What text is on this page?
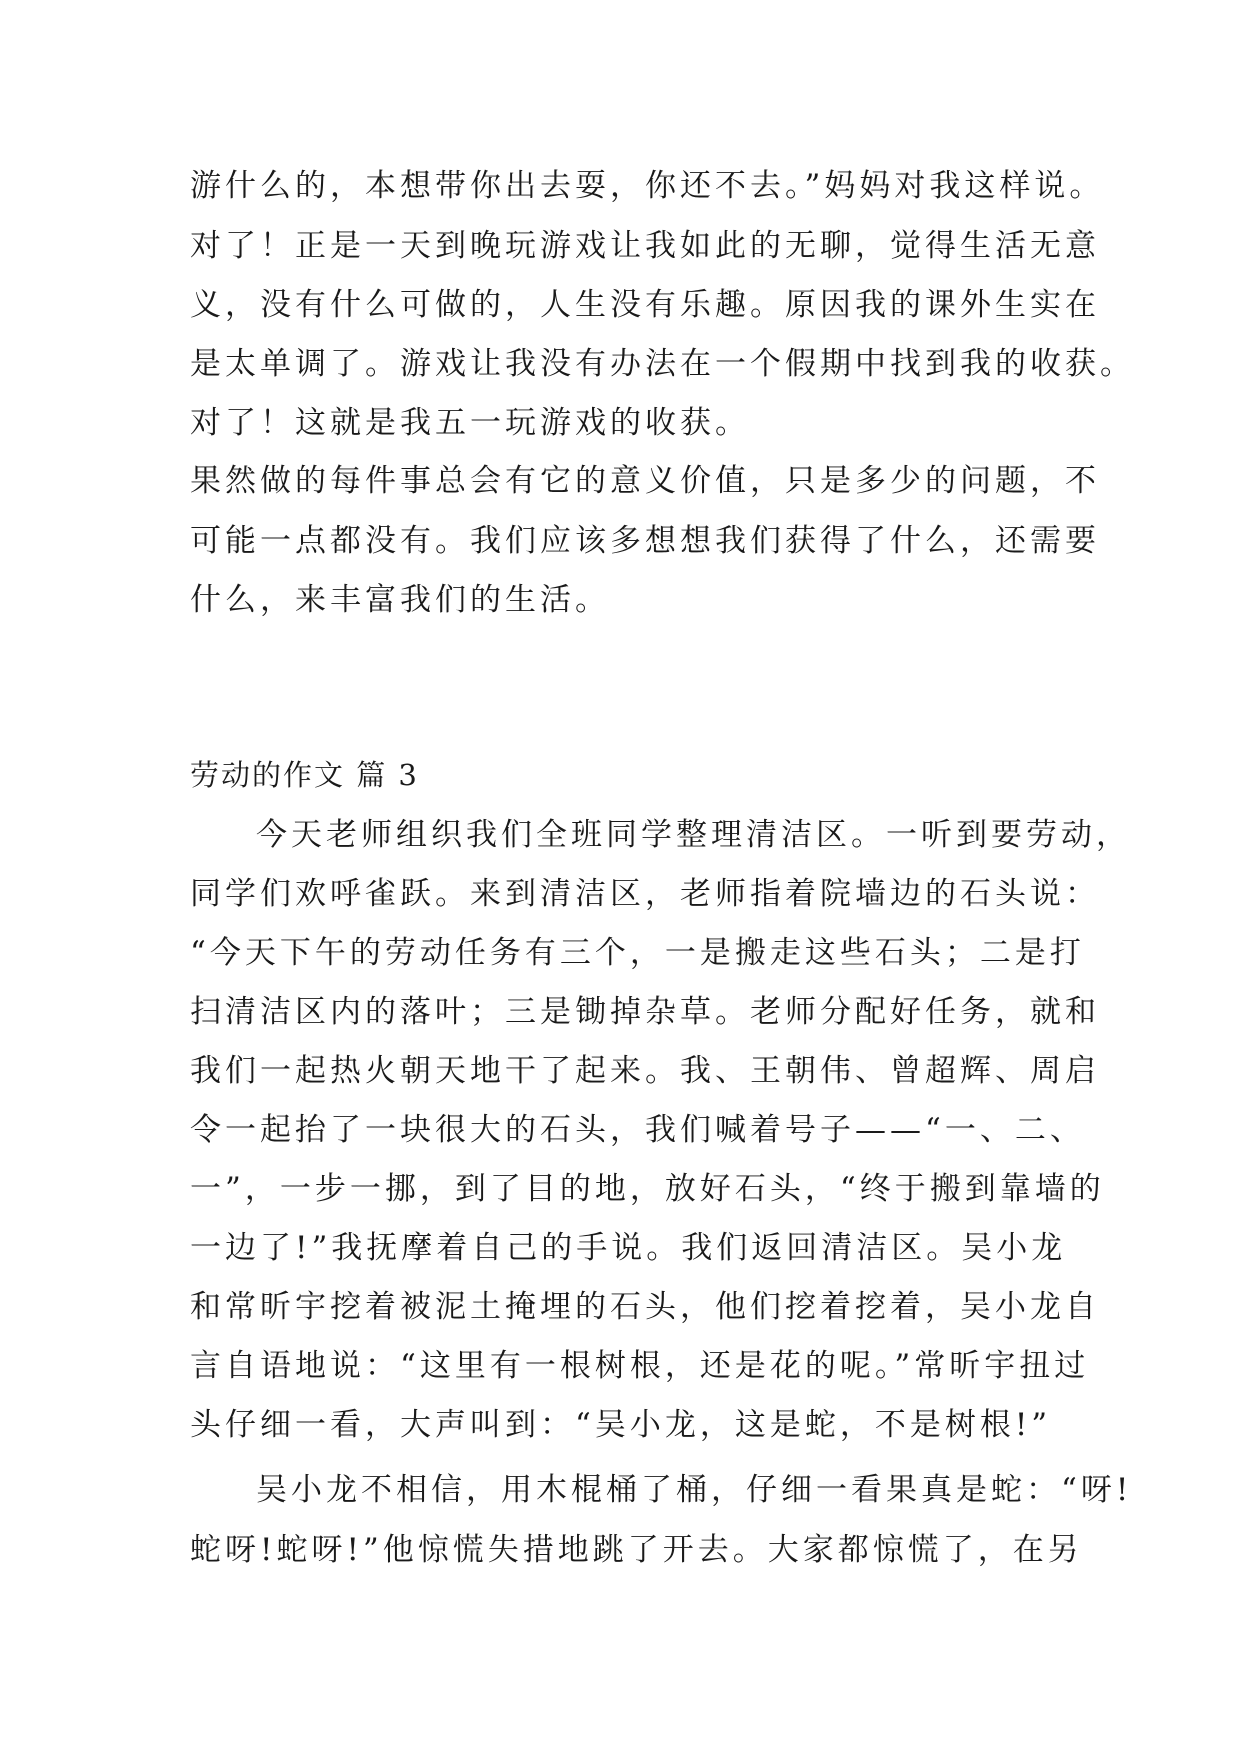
游什么的，本想带你出去耍，你还不去。”妈妈对我这样说。
对了！正是一天到晚玩游戏让我如此的无聊，觉得生活无意
义，没有什么可做的，人生没有乐趣。原因我的课外生实在
是太单调了。游戏让我没有办法在一个假期中找到我的收获。
对了！这就是我五一玩游戏的收获。
果然做的每件事总会有它的意义价值，只是多少的问题，不
可能一点都没有。我们应该多想想我们获得了什么，还需要
什么，来丰富我们的生活。
劳动的作文 篇 3
今天老师组织我们全班同学整理清洁区。一听到要劳动，
同学们欢呼雀跃。来到清洁区，老师指着院墙边的石头说：
“今天下午的劳动任务有三个，一是搬走这些石头；二是打
扫清洁区内的落叶；三是锄掉杂草。老师分配好任务，就和
我们一起热火朝天地干了起来。我、王朝伟、曾超辉、周启
令一起抬了一块很大的石头，我们喊着号子——“一、二、
一”，一步一挪，到了目的地，放好石头，“终于搬到靠墙的
一边了!”我抚摩着自己的手说。我们返回清洁区。吴小龙
和常昕宇挖着被泥土掩埋的石头，他们挖着挖着，吴小龙自
言自语地说：“这里有一根树根，还是花的呢。”常昕宇扭过
头仔细一看，大声叫到：“吴小龙，这是蛇，不是树根!”
吴小龙不相信，用木棍桶了桶，仔细一看果真是蛇：“呀!
蛇呀!蛇呀!”他惊慌失措地跳了开去。大家都惊慌了，在另
